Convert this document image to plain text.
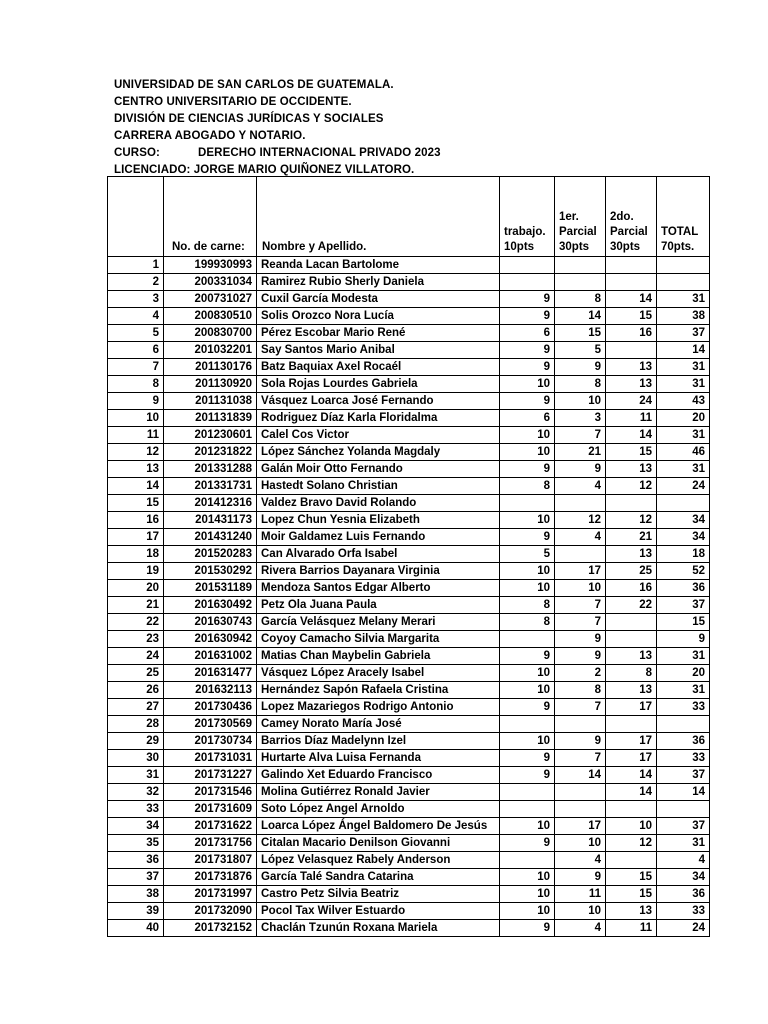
UNIVERSIDAD DE SAN CARLOS DE GUATEMALA.
CENTRO UNIVERSITARIO DE OCCIDENTE.
DIVISIÓN DE CIENCIAS JURÍDICAS Y SOCIALES
CARRERA ABOGADO Y NOTARIO.
CURSO:	DERECHO INTERNACIONAL PRIVADO 2023
LICENCIADO: JORGE MARIO QUIÑONEZ VILLATORO.
	No. de carne:	Nombre y Apellido.	trabajo.
10pts	1er.
Parcial
30pts	2do.
Parcial
30pts	TOTAL
70pts.
1	199930993	Reanda Lacan Bartolome				
2	200331034	Ramirez Rubio Sherly Daniela				
3	200731027	Cuxil García Modesta	9	8	14	31
4	200830510	Solis Orozco Nora Lucía	9	14	15	38
5	200830700	Pérez Escobar Mario René	6	15	16	37
6	201032201	Say Santos Mario Anibal	9	5		14
7	201130176	Batz Baquiax Axel Rocaél	9	9	13	31
8	201130920	Sola Rojas Lourdes Gabriela	10	8	13	31
9	201131038	Vásquez Loarca José Fernando	9	10	24	43
10	201131839	Rodriguez Díaz Karla Floridalma	6	3	11	20
11	201230601	Calel Cos Victor	10	7	14	31
12	201231822	López Sánchez Yolanda Magdaly	10	21	15	46
13	201331288	Galán Moir Otto Fernando	9	9	13	31
14	201331731	Hastedt Solano Christian	8	4	12	24
15	201412316	Valdez Bravo David Rolando				
16	201431173	Lopez Chun Yesnia Elizabeth	10	12	12	34
17	201431240	Moir Galdamez Luis Fernando	9	4	21	34
18	201520283	Can Alvarado Orfa Isabel	5		13	18
19	201530292	Rivera Barrios Dayanara Virginia	10	17	25	52
20	201531189	Mendoza Santos Edgar Alberto	10	10	16	36
21	201630492	Petz Ola Juana Paula	8	7	22	37
22	201630743	García Velásquez Melany Merari	8	7		15
23	201630942	Coyoy Camacho Silvia Margarita		9		9
24	201631002	Matias Chan Maybelin Gabriela	9	9	13	31
25	201631477	Vásquez López Aracely Isabel	10	2	8	20
26	201632113	Hernández Sapón Rafaela Cristina	10	8	13	31
27	201730436	Lopez Mazariegos Rodrigo Antonio	9	7	17	33
28	201730569	Camey Norato María José				
29	201730734	Barrios Díaz Madelynn Izel	10	9	17	36
30	201731031	Hurtarte Alva Luisa Fernanda	9	7	17	33
31	201731227	Galindo Xet Eduardo Francisco	9	14	14	37
32	201731546	Molina Gutiérrez Ronald Javier			14	14
33	201731609	Soto López Angel Arnoldo				
34	201731622	Loarca López Ángel Baldomero De Jesús	10	17	10	37
35	201731756	Citalan Macario Denilson Giovanni	9	10	12	31
36	201731807	López Velasquez Rabely Anderson		4		4
37	201731876	García Talé Sandra Catarina	10	9	15	34
38	201731997	Castro Petz Silvia Beatriz	10	11	15	36
39	201732090	Pocol Tax Wilver Estuardo	10	10	13	33
40	201732152	Chaclán Tzunún Roxana Mariela	9	4	11	24
